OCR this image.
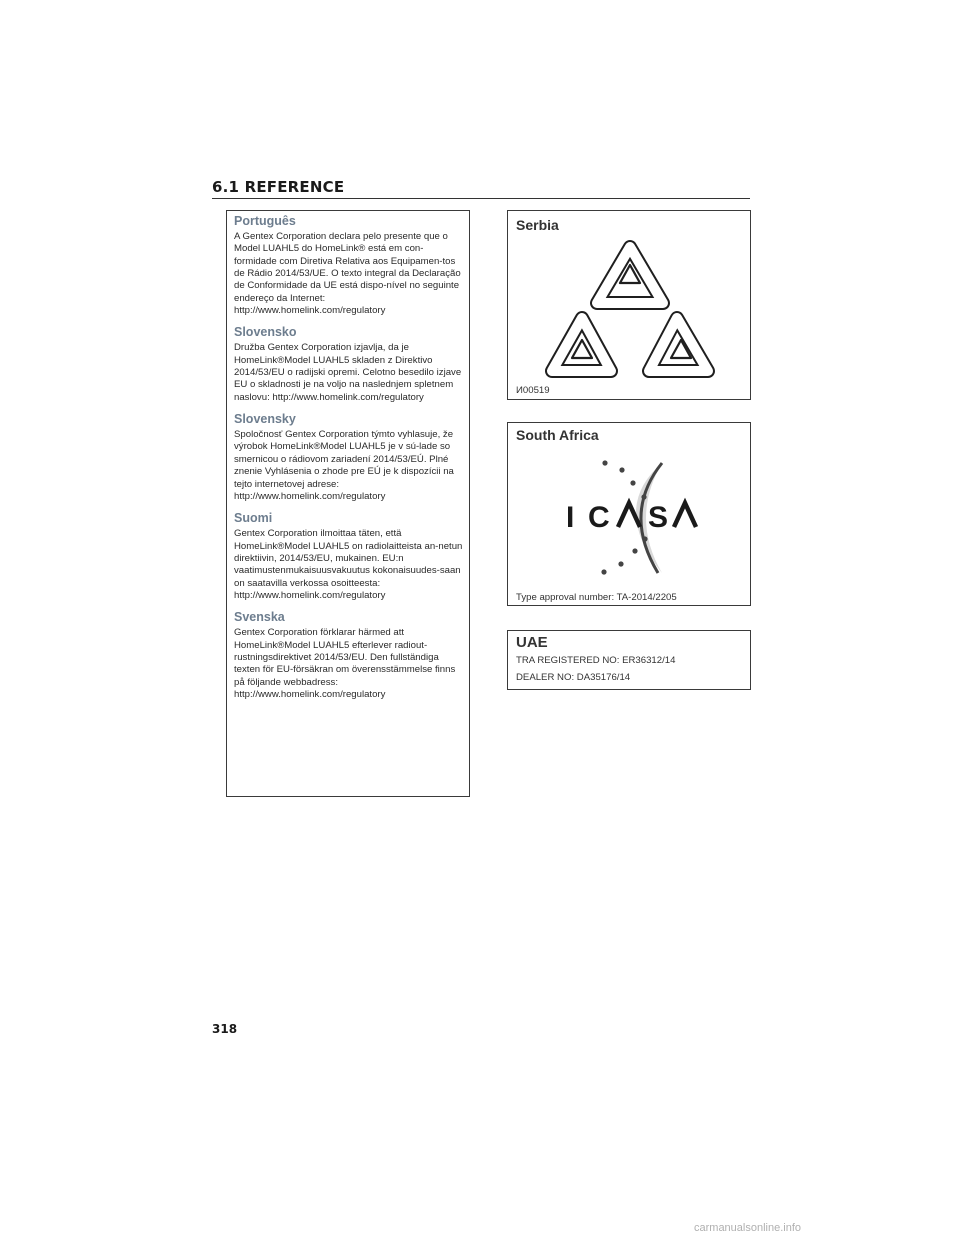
6.1 REFERENCE
Português

A Gentex Corporation declara pelo presente que o Model LUAHL5 do HomeLink® está em con-formidade com Diretiva Relativa aos Equipamen-tos de Rádio 2014/53/UE. O texto integral da Declaração de Conformidade da UE está dispo-nível no seguinte endereço da Internet: http://www.homelink.com/regulatory

Slovensko

Družba Gentex Corporation izjavlja, da je HomeLink®Model LUAHL5 skladen z Direktivo 2014/53/EU o radijski opremi. Celotno besedilo izjave EU o skladnosti je na voljo na naslednjem spletnem naslovu: http://www.homelink.com/regulatory

Slovensky

Spoločnosť Gentex Corporation týmto vyhlasuje, že výrobok HomeLink®Model LUAHL5 je v sú-lade so smernicou o rádiovom zariadení 2014/53/EÚ. Plné znenie Vyhlásenia o zhode pre EÚ je k dispozícii na tejto internetovej adrese: http://www.homelink.com/regulatory

Suomi

Gentex Corporation ilmoittaa täten, että HomeLink®Model LUAHL5 on radiolaitteista an-netun direktiivin, 2014/53/EU, mukainen. EU:n vaatimustenmukaisuusvakuutus kokonaisuudes-saan on saatavilla verkossa osoitteesta: http://www.homelink.com/regulatory

Svenska

Gentex Corporation förklarar härmed att HomeLink®Model LUAHL5 efterlever radiout-rustningsdirektivet 2014/53/EU. Den fullständiga texten för EU-försäkran om överensstämmelse finns på följande webbadress: http://www.homelink.com/regulatory

Serbia
И00519
South Africa
I C S
Type approval number: TA-2014/2205
UAE
TRA REGISTERED NO: ER36312/14
DEALER NO: DA35176/14
318
carmanualsonline.info
